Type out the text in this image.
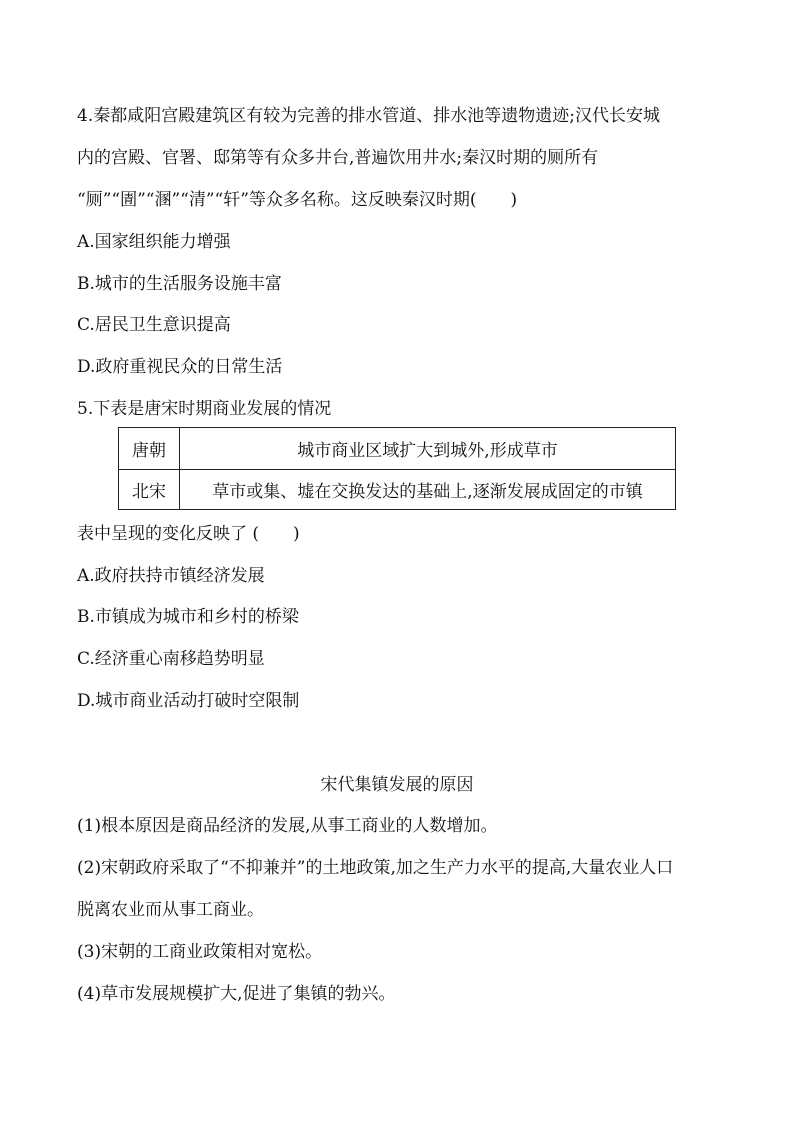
4.秦都咸阳宫殿建筑区有较为完善的排水管道、排水池等遗物遗迹;汉代长安城
内的宫殿、官署、邸第等有众多井台,普遍饮用井水;秦汉时期的厕所有
“厕”“圊”“溷”“清”“轩”等众多名称。这反映秦汉时期(　　)
A.国家组织能力增强
B.城市的生活服务设施丰富
C.居民卫生意识提高
D.政府重视民众的日常生活
5.下表是唐宋时期商业发展的情况
唐朝	城市商业区域扩大到城外,形成草市
北宋	草市或集、墟在交换发达的基础上,逐渐发展成固定的市镇
表中呈现的变化反映了 (　　)
A.政府扶持市镇经济发展
B.市镇成为城市和乡村的桥梁
C.经济重心南移趋势明显
D.城市商业活动打破时空限制
宋代集镇发展的原因
(1)根本原因是商品经济的发展,从事工商业的人数增加。
(2)宋朝政府采取了“不抑兼并”的土地政策,加之生产力水平的提高,大量农业人口
脱离农业而从事工商业。
(3)宋朝的工商业政策相对宽松。
(4)草市发展规模扩大,促进了集镇的勃兴。
